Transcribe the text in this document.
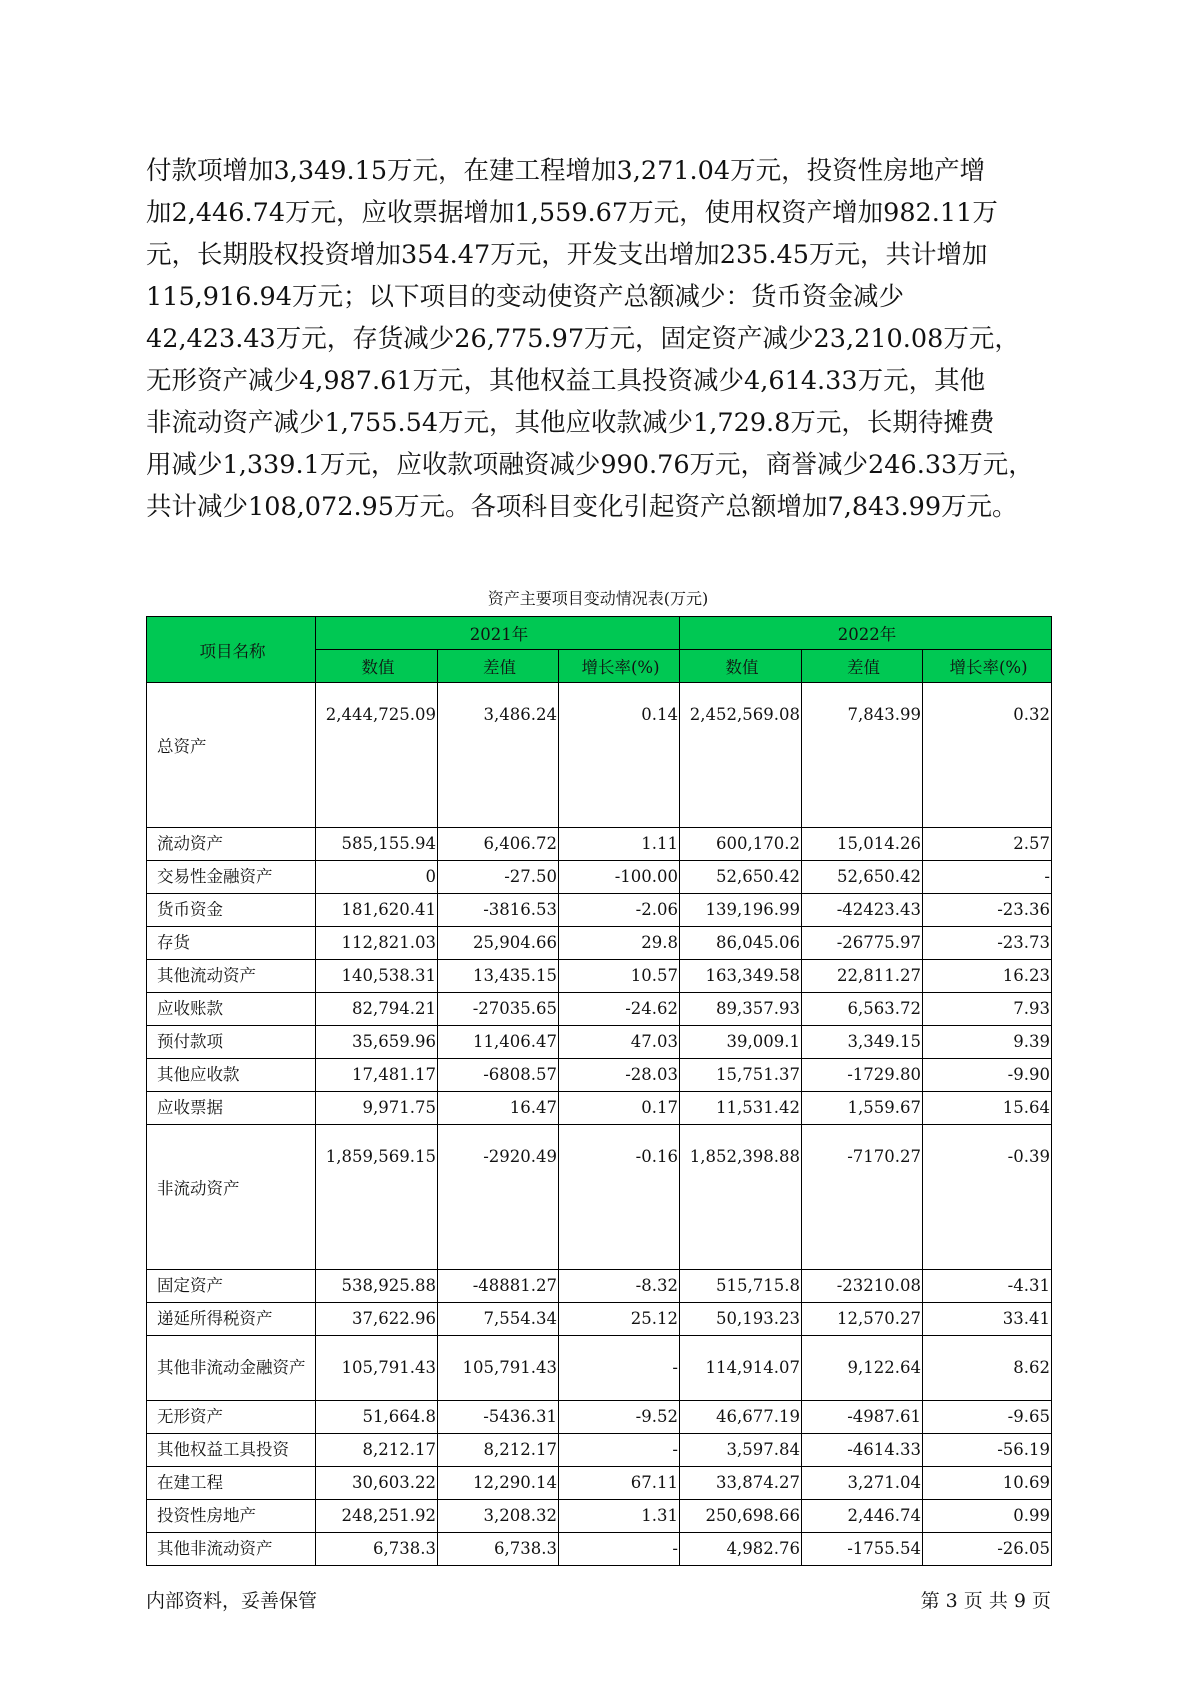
付款项增加3,349.15万元，在建工程增加3,271.04万元，投资性房地产增
加2,446.74万元，应收票据增加1,559.67万元，使用权资产增加982.11万
元，长期股权投资增加354.47万元，开发支出增加235.45万元，共计增加
115,916.94万元；以下项目的变动使资产总额减少：货币资金减少
42,423.43万元，存货减少26,775.97万元，固定资产减少23,210.08万元，
无形资产减少4,987.61万元，其他权益工具投资减少4,614.33万元，其他
非流动资产减少1,755.54万元，其他应收款减少1,729.8万元，长期待摊费
用减少1,339.1万元，应收款项融资减少990.76万元，商誉减少246.33万元，
共计减少108,072.95万元。各项科目变化引起资产总额增加7,843.99万元。
资产主要项目变动情况表(万元)
项目名称	2021年			2022年		
	数值	差值	增长率(%)	数值	差值	增长率(%)
总资产	2,444,725.09	3,486.24	0.14	2,452,569.08	7,843.99	0.32
流动资产	585,155.94	6,406.72	1.11	600,170.2	15,014.26	2.57
交易性金融资产	0	-27.50	-100.00	52,650.42	52,650.42	-
货币资金	181,620.41	-3816.53	-2.06	139,196.99	-42423.43	-23.36
存货	112,821.03	25,904.66	29.8	86,045.06	-26775.97	-23.73
其他流动资产	140,538.31	13,435.15	10.57	163,349.58	22,811.27	16.23
应收账款	82,794.21	-27035.65	-24.62	89,357.93	6,563.72	7.93
预付款项	35,659.96	11,406.47	47.03	39,009.1	3,349.15	9.39
其他应收款	17,481.17	-6808.57	-28.03	15,751.37	-1729.80	-9.90
应收票据	9,971.75	16.47	0.17	11,531.42	1,559.67	15.64
非流动资产	1,859,569.15	-2920.49	-0.16	1,852,398.88	-7170.27	-0.39
固定资产	538,925.88	-48881.27	-8.32	515,715.8	-23210.08	-4.31
递延所得税资产	37,622.96	7,554.34	25.12	50,193.23	12,570.27	33.41
其他非流动金融资产	105,791.43	105,791.43	-	114,914.07	9,122.64	8.62
无形资产	51,664.8	-5436.31	-9.52	46,677.19	-4987.61	-9.65
其他权益工具投资	8,212.17	8,212.17	-	3,597.84	-4614.33	-56.19
在建工程	30,603.22	12,290.14	67.11	33,874.27	3,271.04	10.69
投资性房地产	248,251.92	3,208.32	1.31	250,698.66	2,446.74	0.99
其他非流动资产	6,738.3	6,738.3	-	4,982.76	-1755.54	-26.05
内部资料，妥善保管	第 3 页 共 9 页
